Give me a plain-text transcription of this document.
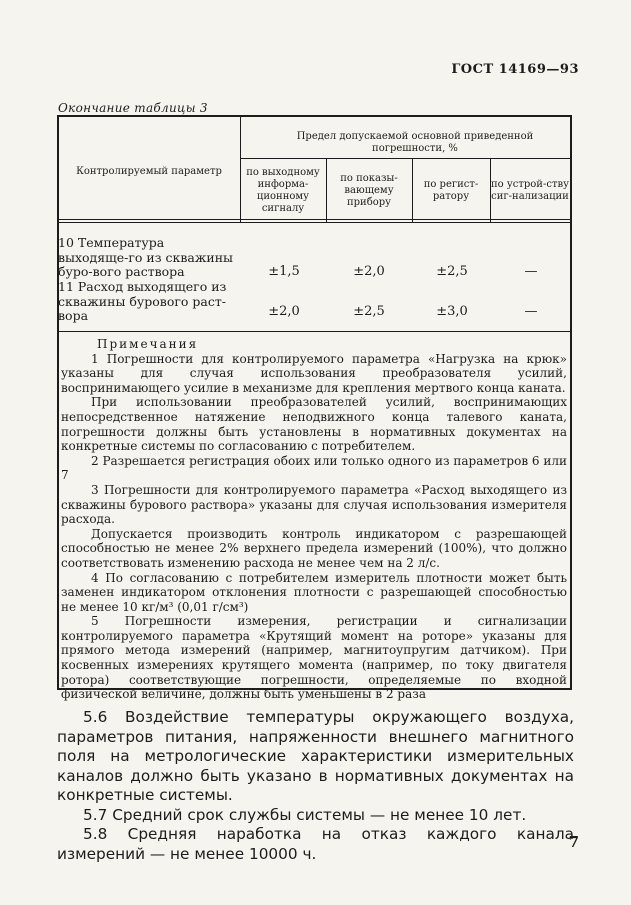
ГОСТ 14169—93
Окончание таблицы 3
Контролируемый параметр
Предел допускаемой основной приведенной погрешности, %
по выходному информа-ционному сигналу
по показы-вающему прибору
по регист-ратору
по устрой-ству сиг-нализации
10 Температура выходяще-го из скважины буро-вого раствора	±1,5	±2,0	±2,5	—
11 Расход выходящего из скважины бурового раст-вора	±2,0	±2,5	±3,0	—
Примечания

1 Погрешности для контролируемого параметра «Нагрузка на крюк» указаны для случая использования преобразователя усилий, воспринимающего усилие в механизме для крепления мертвого конца каната.

При использовании преобразователей усилий, воспринимающих непосредственное натяжение неподвижного конца талевого каната, погрешности должны быть установлены в нормативных документах на конкретные системы по согласованию с потребителем.

2 Разрешается регистрация обоих или только одного из параметров 6 или 7

3 Погрешности для контролируемого параметра «Расход выходящего из скважины бурового раствора» указаны для случая использования измерителя расхода.

Допускается производить контроль индикатором с разрешающей способностью не менее 2% верхнего предела измерений (100%), что должно соответствовать изменению расхода не менее чем на 2 л/с.

4 По согласованию с потребителем измеритель плотности может быть заменен индикатором отклонения плотности с разрешающей способностью не менее 10 кг/м³ (0,01 г/см³)

5 Погрешности измерения, регистрации и сигнализации контролируемого параметра «Крутящий момент на роторе» указаны для прямого метода измерений (например, магнитоупругим датчиком). При косвенных измерениях крутящего момента (например, по току двигателя ротора) соответствующие погрешности, определяемые по входной физической величине, должны быть уменьшены в 2 раза

5.6 Воздействие температуры окружающего воздуха, параметров питания, напряженности внешнего магнитного поля на метрологические характеристики измерительных каналов должно быть указано в нормативных документах на конкретные системы.

5.7 Средний срок службы системы — не менее 10 лет.

5.8 Средняя наработка на отказ каждого канала измерений — не менее 10000 ч.

7
